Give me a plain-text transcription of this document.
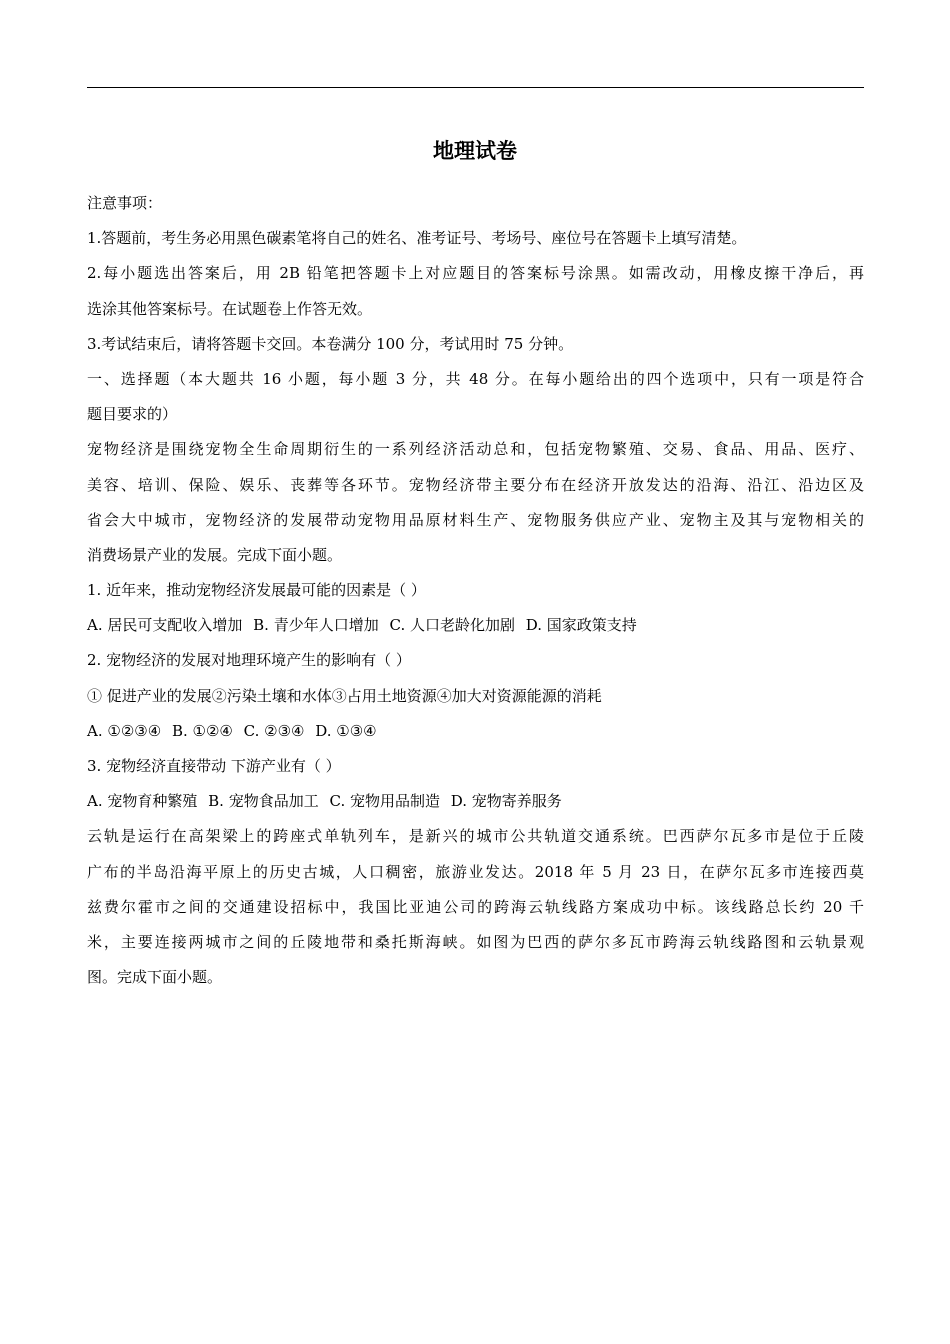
地理试卷
注意事项：
1.答题前，考生务必用黑色碳素笔将自己的姓名、准考证号、考场号、座位号在答题卡上填写清楚。
2.每小题选出答案后，用 2B 铅笔把答题卡上对应题目的答案标号涂黑。如需改动，用橡皮擦干净后，再
选涂其他答案标号。在试题卷上作答无效。
3.考试结束后，请将答题卡交回。本卷满分 100 分，考试用时 75 分钟。
一、选择题（本大题共 16 小题，每小题 3 分，共 48 分。在每小题给出的四个选项中，只有一项是符合
题目要求的）
宠物经济是围绕宠物全生命周期衍生的一系列经济活动总和，包括宠物繁殖、交易、食品、用品、医疗、
美容、培训、保险、娱乐、丧葬等各环节。宠物经济带主要分布在经济开放发达的沿海、沿江、沿边区及
省会大中城市，宠物经济的发展带动宠物用品原材料生产、宠物服务供应产业、宠物主及其与宠物相关的
消费场景产业的发展。完成下面小题。
1. 近年来，推动宠物经济发展最可能的因素是（ ）
A. 居民可支配收入增加 B. 青少年人口增加 C. 人口老龄化加剧 D. 国家政策支持
2. 宠物经济的发展对地理环境产生的影响有（ ）
① 促进产业的发展②污染土壤和水体③占用土地资源④加大对资源能源的消耗
A. ①②③④ B. ①②④ C. ②③④ D. ①③④
3. 宠物经济直接带动 下游产业有（ ）
A. 宠物育种繁殖 B. 宠物食品加工 C. 宠物用品制造 D. 宠物寄养服务
云轨是运行在高架梁上的跨座式单轨列车，是新兴的城市公共轨道交通系统。巴西萨尔瓦多市是位于丘陵
广布的半岛沿海平原上的历史古城，人口稠密，旅游业发达。2018 年 5 月 23 日，在萨尔瓦多市连接西莫
兹费尔霍市之间的交通建设招标中，我国比亚迪公司的跨海云轨线路方案成功中标。该线路总长约 20 千
米，主要连接两城市之间的丘陵地带和桑托斯海峡。如图为巴西的萨尔多瓦市跨海云轨线路图和云轨景观
图。完成下面小题。
